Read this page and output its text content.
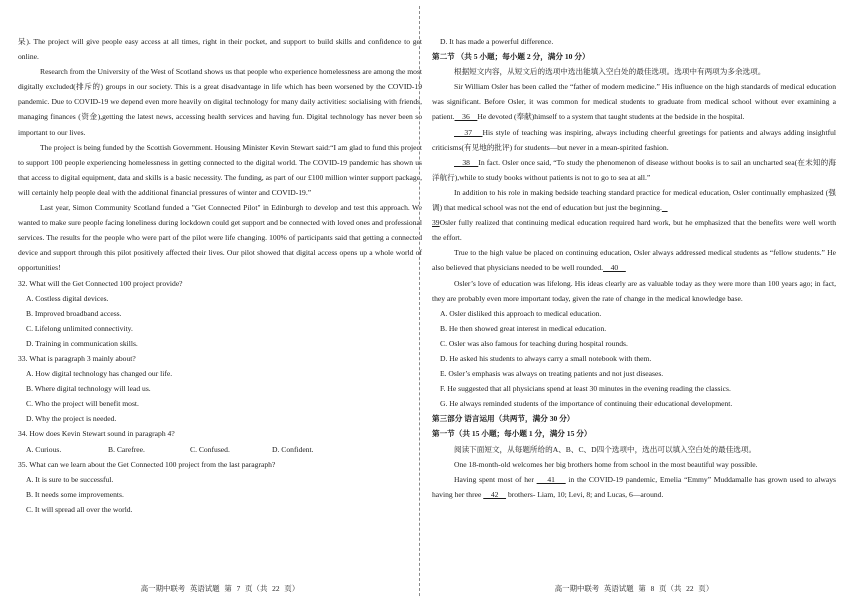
呆). The project will give people easy access at all times, right in their pocket, and support to build skills and confidence to get online.

Research from the University of the West of Scotland shows us that people who experience homelessness are among the most digitally excluded(排斥的) groups in our society. This is a great disadvantage in life which has been worsened by the COVID-19 pandemic. Due to COVID-19 we depend even more heavily on digital technology for many daily activities: socialising with friends, managing finances (资金),getting the latest news, accessing health services and having fun. Digital technology has never been so important to our lives.

The project is being funded by the Scottish Government. Housing Minister Kevin Stewart said:“I am glad to fund this project to support 100 people experiencing homelessness in getting connected to the digital world. The COVID-19 pandemic has shown us that access to digital equipment, data and skills is a basic necessity. The funding, as part of our £100 million winter support package, will certainly help people deal with the additional financial pressures of winter and COVID-19.”

Last year, Simon Community Scotland funded a "Get Connected Pilot" in Edinburgh to develop and test this approach. We wanted to make sure people facing loneliness during lockdown could get support and be connected with loved ones and professional services. The results for the people who were part of the pilot were life changing. 100% of participants said that getting a connected device and support through this pilot positively affected their lives. Our pilot showed that digital access opens up a whole world of opportunities!

32. What will the Get Connected 100 project provide?

A. Costless digital devices.

B. Improved broadband access.

C. Lifelong unlimited connectivity.

D. Training in communication skills.

33. What is paragraph 3 mainly about?

A. How digital technology has changed our life.

B. Where digital technology will lead us.

C. Who the project will benefit most.

D. Why the project is needed.

34. How does Kevin Stewart sound in paragraph 4?

A. Curious.	B. Carefree.	C. Confused.	D. Confident.

35. What can we learn about the Get Connected 100 project from the last paragraph?

A. It is sure to be successful.

B. It needs some improvements.

C. It will spread all over the world.

高一期中联考 英语试题 第 7 页（共 22 页）

D. It has made a powerful difference.

第二节 （共 5 小题；每小题 2 分，满分 10 分）

根据短文内容，从短文后的选项中选出能填入空白处的最佳选项。选项中有两项为多余选项。

Sir William Osler has been called the “father of modern medicine.” His influence on the high standards of medical education was significant. Before Osler, it was common for medical students to graduate from medical school without ever examining a patient.    36    He devoted (奉献)himself to a system that taught students at the bedside in the hospital.

37    His style of teaching was inspiring, always including cheerful greetings for patients and always adding insightful criticisms(有见地的批评) for students—but never in a mean-spirited fashion.

38    In fact. Osler once said, “To study the phenomenon of disease without books is to sail an uncharted sea(在未知的海洋航行),while to study books without patients is not to go to sea at all.”

In addition to his role in making bedside teaching standard practice for medical education, Osler continually emphasized (强调) that medical school was not the end of education but just the beginning.

39Osler fully realized that continuing medical education required hard work, but he emphasized that the benefits were well worth the effort.

True to the high value be placed on continuing education, Osler always addressed medical students as “fellow students.” He also believed that physicians needed to be well rounded.    40

Osler’s love of education was lifelong. His ideas clearly are as valuable today as they were more than 100 years ago; in fact, they are probably even more important today, given the rate of change in the medical knowledge base.

A. Osler disliked this approach to medical education.

B. He then showed great interest in medical education.

C. Osler was also famous for teaching during hospital rounds.

D. He asked his students to always carry a small notebook with them.

E. Osler’s emphasis was always on treating patients and not just diseases.

F. He suggested that all physicians spend at least 30 minutes in the evening reading the classics.

G. He always reminded students of the importance of continuing their educational development.

第三部分 语言运用（共两节，满分 30 分）

第一节（共 15 小题；每小题 1 分，满分 15 分）

阅读下面短文，从每题所给的A、B、C、D四个选项中，选出可以填入空白处的最佳选项。

One 18-month-old welcomes her big brothers home from school in the most beautiful way possible.

Having spent most of her     41     in the COVID-19 pandemic, Emelia “Emmy” Muddamalle has grown used to always having her three     42     brothers- Liam, 10; Levi, 8; and Lucas, 6—around.

高一期中联考 英语试题 第 8 页（共 22 页）
